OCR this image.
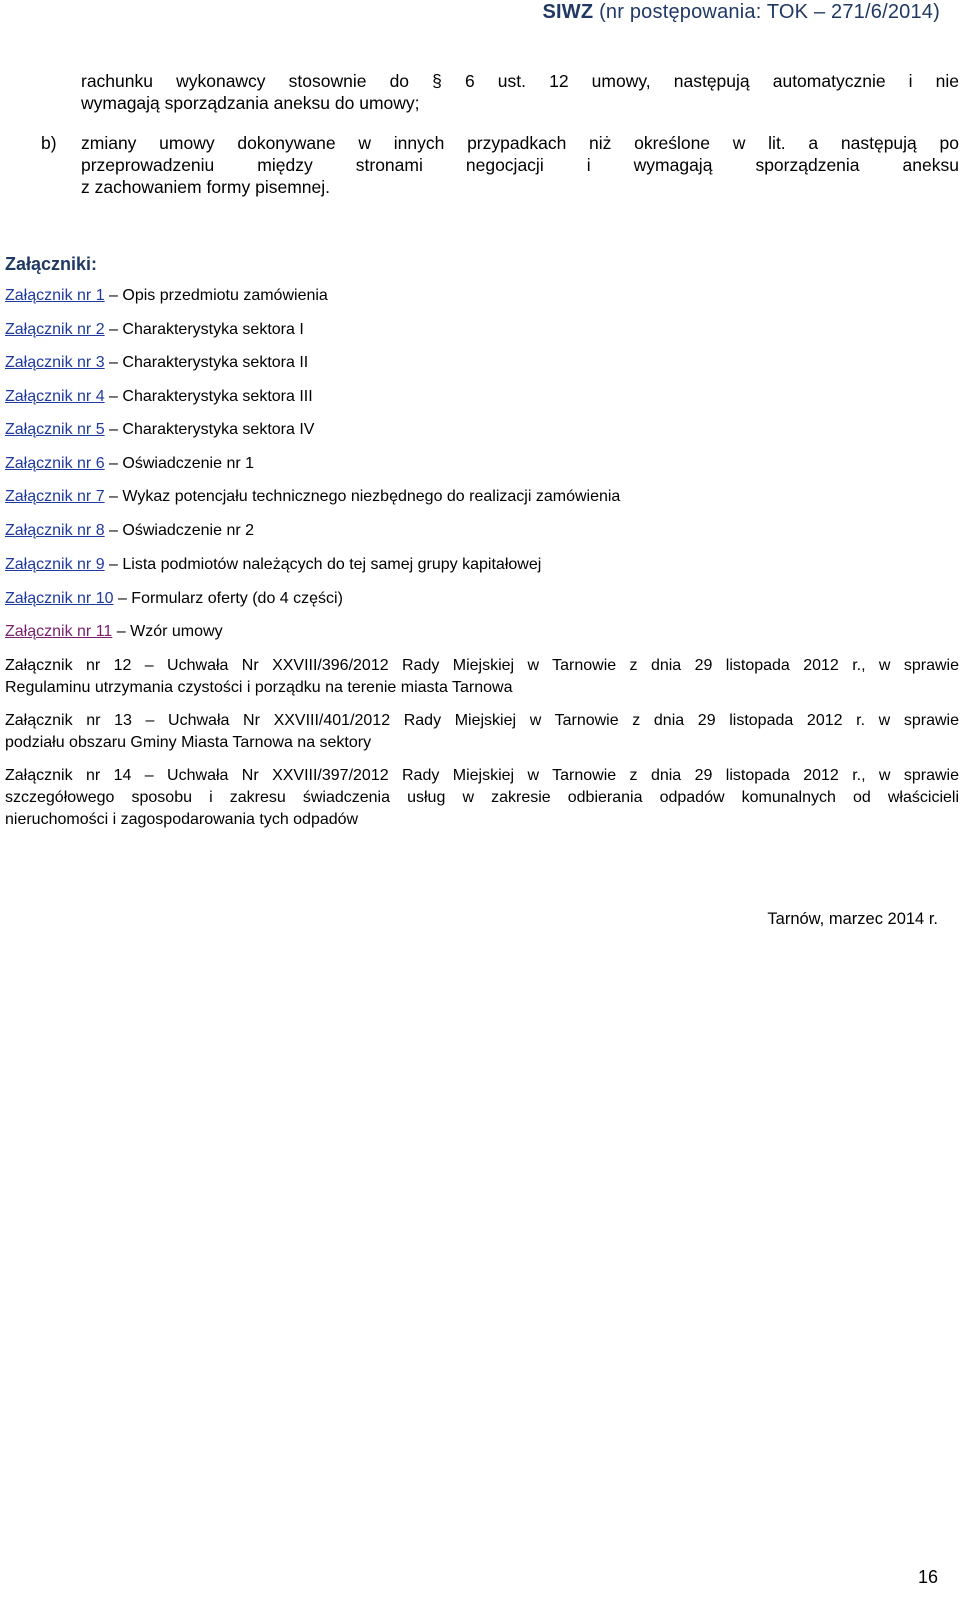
SIWZ (nr postępowania: TOK – 271/6/2014)
rachunku wykonawcy stosownie do § 6 ust. 12 umowy, następują automatycznie i nie
wymagają sporządzania aneksu do umowy;
b) zmiany umowy dokonywane w innych przypadkach niż określone w lit. a następują po
przeprowadzeniu między stronami negocjacji i wymagają sporządzenia aneksu
z zachowaniem formy pisemnej.
Załączniki:
Załącznik nr 1 – Opis przedmiotu zamówienia
Załącznik nr 2 – Charakterystyka sektora I
Załącznik nr 3 – Charakterystyka sektora II
Załącznik nr 4 – Charakterystyka sektora III
Załącznik nr 5 – Charakterystyka sektora IV
Załącznik nr 6 – Oświadczenie nr 1
Załącznik nr 7 – Wykaz potencjału technicznego niezbędnego do realizacji zamówienia
Załącznik nr 8 – Oświadczenie nr 2
Załącznik nr 9 – Lista podmiotów należących do tej samej grupy kapitałowej
Załącznik nr 10 – Formularz oferty (do 4 części)
Załącznik nr 11 – Wzór umowy
Załącznik nr 12 – Uchwała Nr XXVIII/396/2012 Rady Miejskiej w Tarnowie z dnia 29 listopada 2012 r., w sprawie
Regulaminu utrzymania czystości i porządku na terenie miasta Tarnowa
Załącznik nr 13 – Uchwała Nr XXVIII/401/2012 Rady Miejskiej w Tarnowie z dnia 29 listopada 2012 r. w sprawie
podziału obszaru Gminy Miasta Tarnowa na sektory
Załącznik nr 14 – Uchwała Nr XXVIII/397/2012 Rady Miejskiej w Tarnowie z dnia 29 listopada 2012 r., w sprawie
szczegółowego sposobu i zakresu świadczenia usług w zakresie odbierania odpadów komunalnych od właścicieli
nieruchomości i zagospodarowania tych odpadów
Tarnów, marzec 2014 r.
16
